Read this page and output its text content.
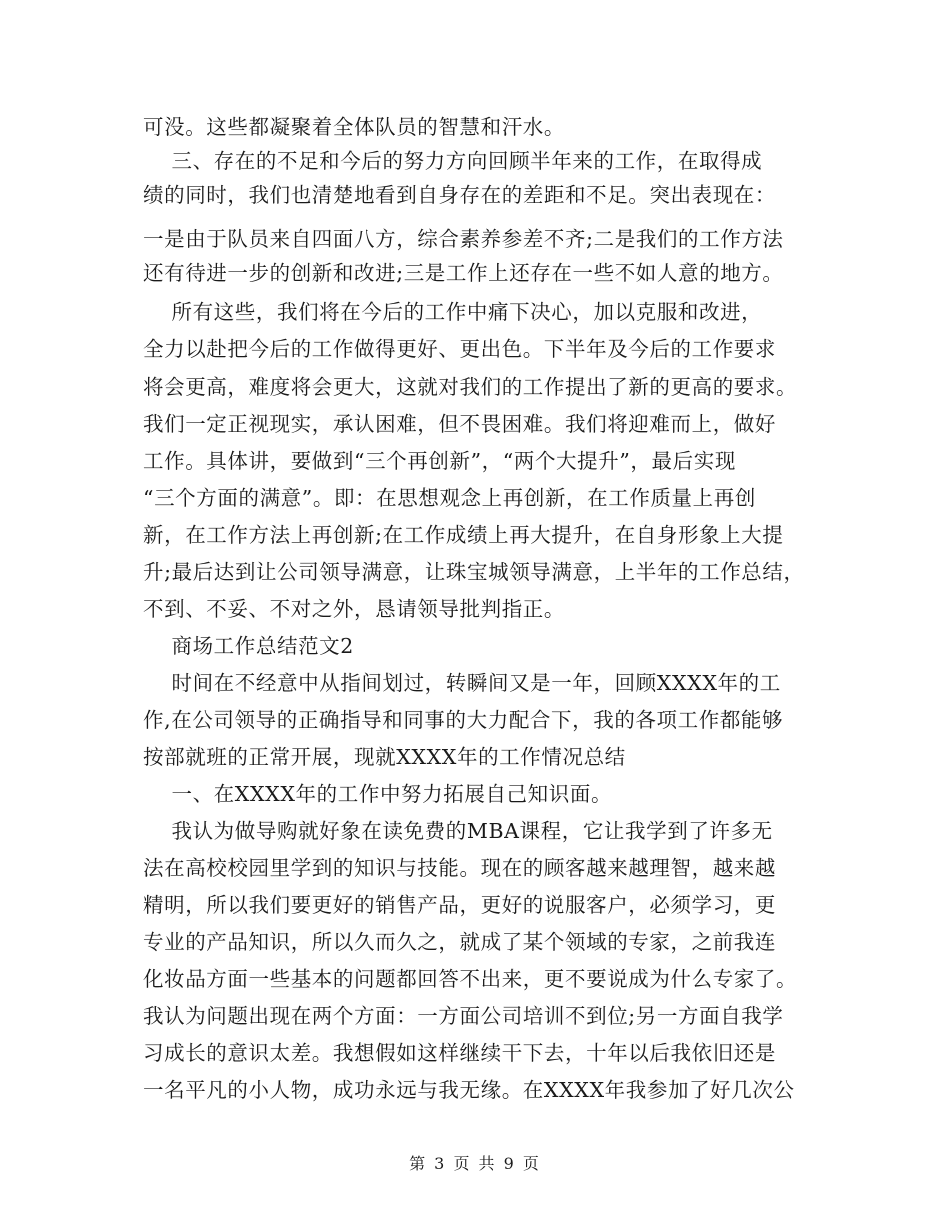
可没。这些都凝聚着全体队员的智慧和汗水。
三、存在的不足和今后的努力方向回顾半年来的工作，在取得成
绩的同时，我们也清楚地看到自身存在的差距和不足。突出表现在：
一是由于队员来自四面八方，综合素养参差不齐;二是我们的工作方法
还有待进一步的创新和改进;三是工作上还存在一些不如人意的地方。
所有这些，我们将在今后的工作中痛下决心，加以克服和改进，
全力以赴把今后的工作做得更好、更出色。下半年及今后的工作要求
将会更高，难度将会更大，这就对我们的工作提出了新的更高的要求。
我们一定正视现实，承认困难，但不畏困难。我们将迎难而上，做好
工作。具体讲，要做到“三个再创新”，“两个大提升”，最后实现
“三个方面的满意”。即：在思想观念上再创新，在工作质量上再创
新，在工作方法上再创新;在工作成绩上再大提升，在自身形象上大提
升;最后达到让公司领导满意，让珠宝城领导满意，上半年的工作总结，
不到、不妥、不对之外，恳请领导批判指正。
商场工作总结范文2
时间在不经意中从指间划过，转瞬间又是一年，回顾XXXX年的工
作,在公司领导的正确指导和同事的大力配合下，我的各项工作都能够
按部就班的正常开展，现就XXXX年的工作情况总结
一、在XXXX年的工作中努力拓展自己知识面。
我认为做导购就好象在读免费的MBA课程，它让我学到了许多无
法在高校校园里学到的知识与技能。现在的顾客越来越理智，越来越
精明，所以我们要更好的销售产品，更好的说服客户，必须学习，更
专业的产品知识，所以久而久之，就成了某个领域的专家，之前我连
化妆品方面一些基本的问题都回答不出来，更不要说成为什么专家了。
我认为问题出现在两个方面：一方面公司培训不到位;另一方面自我学
习成长的意识太差。我想假如这样继续干下去，十年以后我依旧还是
一名平凡的小人物，成功永远与我无缘。在XXXX年我参加了好几次公
第 3 页 共 9 页
